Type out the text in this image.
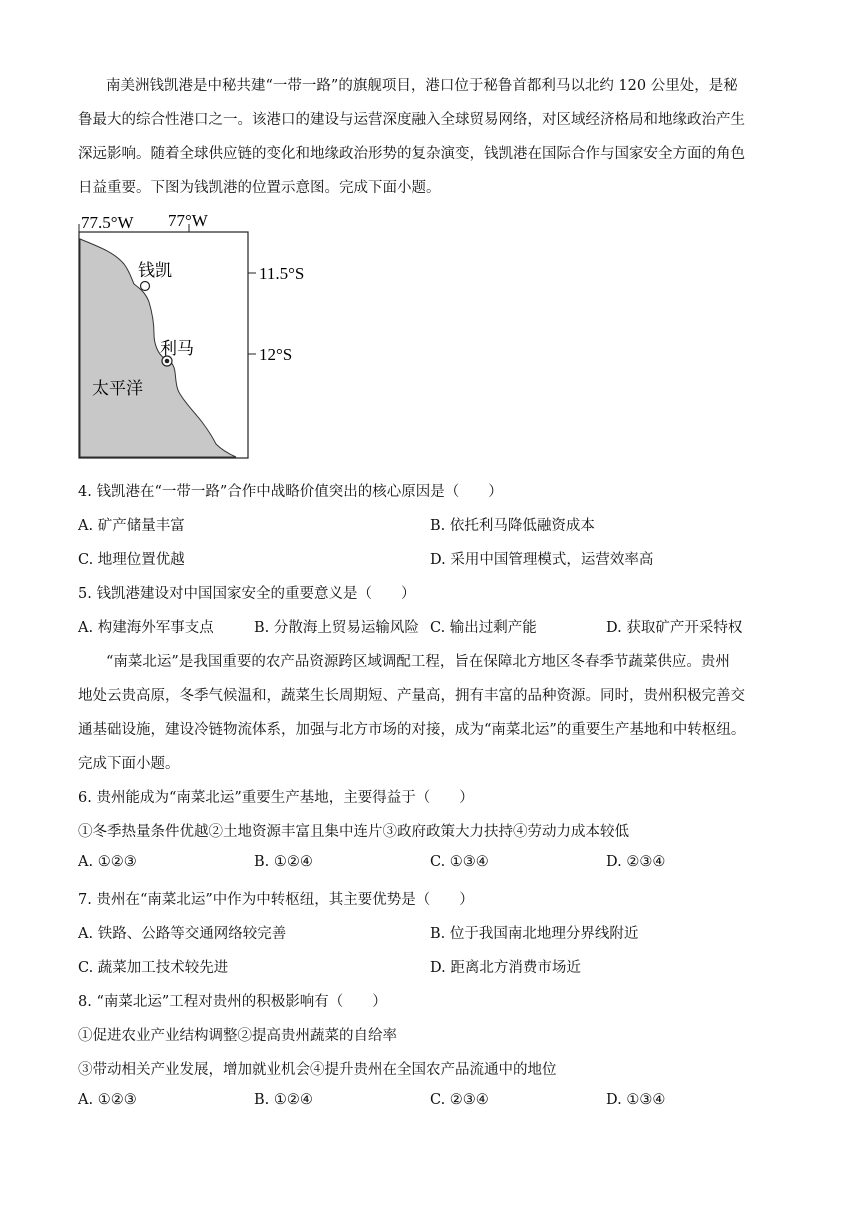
南美洲钱凯港是中秘共建“一带一路”的旗舰项目，港口位于秘鲁首都利马以北约 120 公里处，是秘
鲁最大的综合性港口之一。该港口的建设与运营深度融入全球贸易网络，对区域经济格局和地缘政治产生
深远影响。随着全球供应链的变化和地缘政治形势的复杂演变，钱凯港在国际合作与国家安全方面的角色
日益重要。下图为钱凯港的位置示意图。完成下面小题。
77.5°W 77°W
11.5°S
12°S
钱凯
利马
太平洋
4. 钱凯港在“一带一路”合作中战略价值突出的核心原因是（　　）
A. 矿产储量丰富	B. 依托利马降低融资成本
C. 地理位置优越	D. 采用中国管理模式，运营效率高
5. 钱凯港建设对中国国家安全的重要意义是（　　）
A. 构建海外军事支点	B. 分散海上贸易运输风险 C. 输出过剩产能	D. 获取矿产开采特权
“南菜北运”是我国重要的农产品资源跨区域调配工程，旨在保障北方地区冬春季节蔬菜供应。贵州
地处云贵高原，冬季气候温和，蔬菜生长周期短、产量高，拥有丰富的品种资源。同时，贵州积极完善交
通基础设施，建设冷链物流体系，加强与北方市场的对接，成为“南菜北运”的重要生产基地和中转枢纽。
完成下面小题。
6. 贵州能成为“南菜北运”重要生产基地，主要得益于（　　）
①冬季热量条件优越②土地资源丰富且集中连片③政府政策大力扶持④劳动力成本较低
A. ①②③	B. ①②④	C. ①③④	D. ②③④
7. 贵州在“南菜北运”中作为中转枢纽，其主要优势是（　　）
A. 铁路、公路等交通网络较完善	B. 位于我国南北地理分界线附近
C. 蔬菜加工技术较先进	D. 距离北方消费市场近
8. “南菜北运”工程对贵州的积极影响有（　　）
①促进农业产业结构调整②提高贵州蔬菜的自给率
③带动相关产业发展，增加就业机会④提升贵州在全国农产品流通中的地位
A. ①②③	B. ①②④	C. ②③④	D. ①③④
